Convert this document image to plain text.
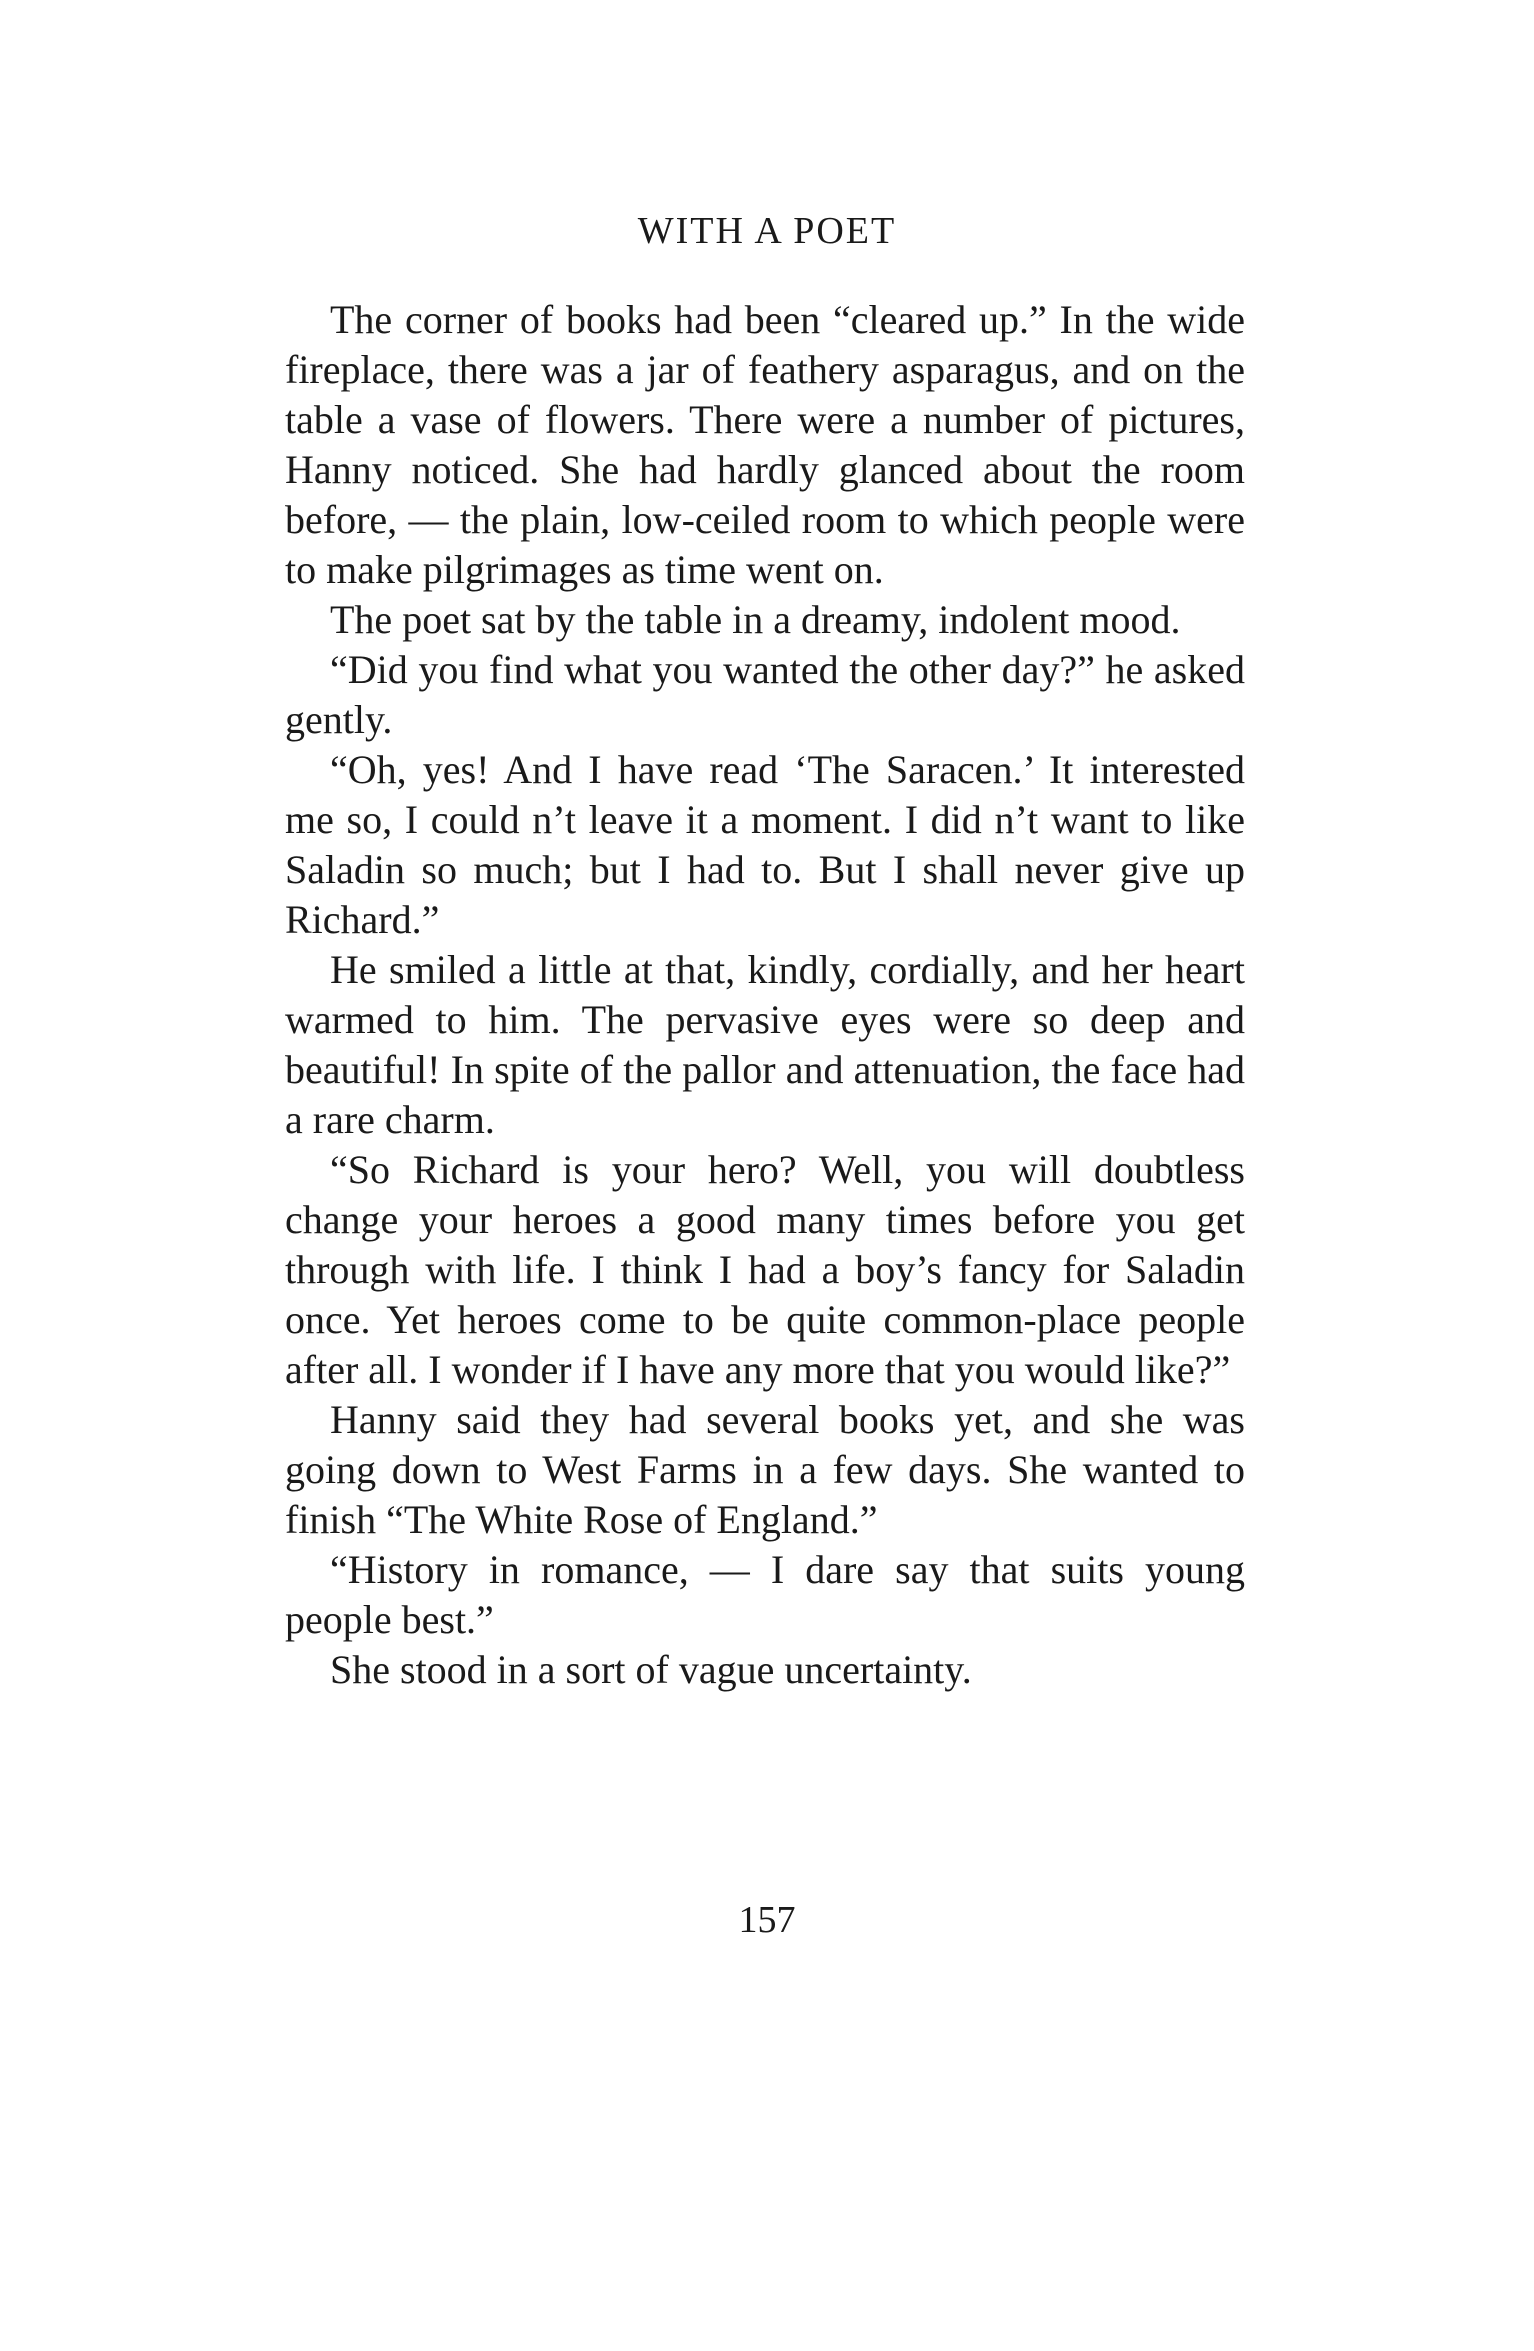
WITH A POET

The corner of books had been “cleared up.” In the wide fireplace, there was a jar of feathery asparagus, and on the table a vase of flowers. There were a number of pictures, Hanny noticed. She had hardly glanced about the room before, — the plain, low-ceiled room to which people were to make pilgrimages as time went on.

The poet sat by the table in a dreamy, indolent mood.

“Did you find what you wanted the other day?” he asked gently.

“Oh, yes! And I have read ‘The Saracen.’ It interested me so, I could n’t leave it a moment. I did n’t want to like Saladin so much; but I had to. But I shall never give up Richard.”

He smiled a little at that, kindly, cordially, and her heart warmed to him. The pervasive eyes were so deep and beautiful! In spite of the pallor and attenuation, the face had a rare charm.

“So Richard is your hero? Well, you will doubtless change your heroes a good many times before you get through with life. I think I had a boy’s fancy for Saladin once. Yet heroes come to be quite common-place people after all. I wonder if I have any more that you would like?”

Hanny said they had several books yet, and she was going down to West Farms in a few days. She wanted to finish “The White Rose of England.”

“History in romance, — I dare say that suits young people best.”

She stood in a sort of vague uncertainty.

157
